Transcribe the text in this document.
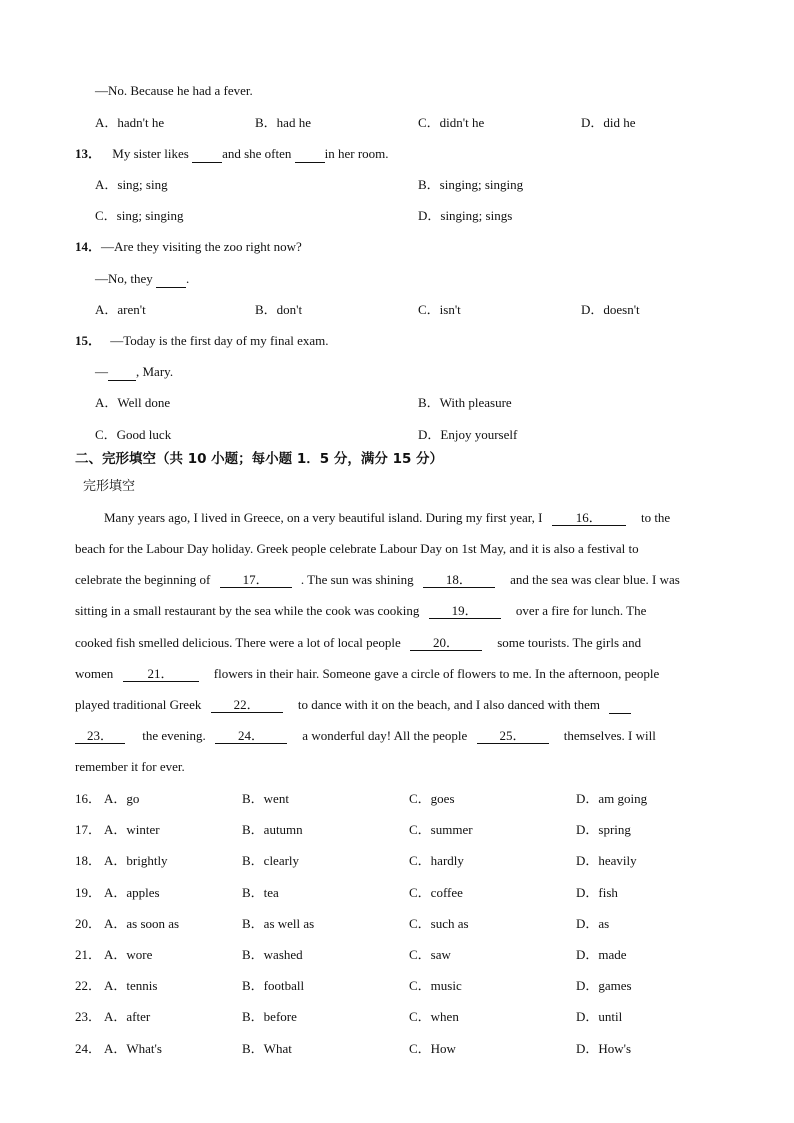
—No. Because he had a fever.
A．hadn't he	B．had he	C．didn't he	D．did he
13． My sister likes	and she often	in her room.
A．sing; sing	B．singing; singing
C．sing; singing	D．singing; sings
14．—Are they visiting the zoo right now?
—No, they	.
A．aren't	B．don't	C．isn't	D．doesn't
15． —Today is the first day of my final exam.
— , Mary.
A．Well done	B．With pleasure
C．Good luck	D．Enjoy yourself
二、完形填空（共 10 小题；每小题 1．5 分，满分 15 分）
完形填空
Many years ago, I lived in Greece, on a very beautiful island. During my first year, I	16．	to the
beach for the Labour Day holiday. Greek people celebrate Labour Day on 1st May, and it is also a festival to
celebrate the beginning of 17． . The sun was shining 18．	and the sea was clear blue. I was
sitting in a small restaurant by the sea while the cook was cooking 19．	over a fire for lunch. The
cooked fish smelled delicious. There were a lot of local people 20．	some tourists. The girls and
women	21．	flowers in their hair. Someone gave a circle of flowers to me. In the afternoon, people
played traditional Greek 22．	to dance with it on the beach, and I also danced with them
23． the evening. 24．	a wonderful day! All the people 25．	themselves. I will
remember it for ever.
16． A．go	B．went	C．goes	D．am going
17． A．winter	B．autumn	C．summer	D．spring
18． A．brightly	B．clearly	C．hardly	D．heavily
19． A．apples	B．tea	C．coffee	D．fish
20． A．as soon as	B．as well as	C．such as	D．as
21． A．wore	B．washed	C．saw	D．made
22． A．tennis	B．football	C．music	D．games
23． A．after	B．before	C．when	D．until
24． A．What's	B．What	C．How	D．How's
